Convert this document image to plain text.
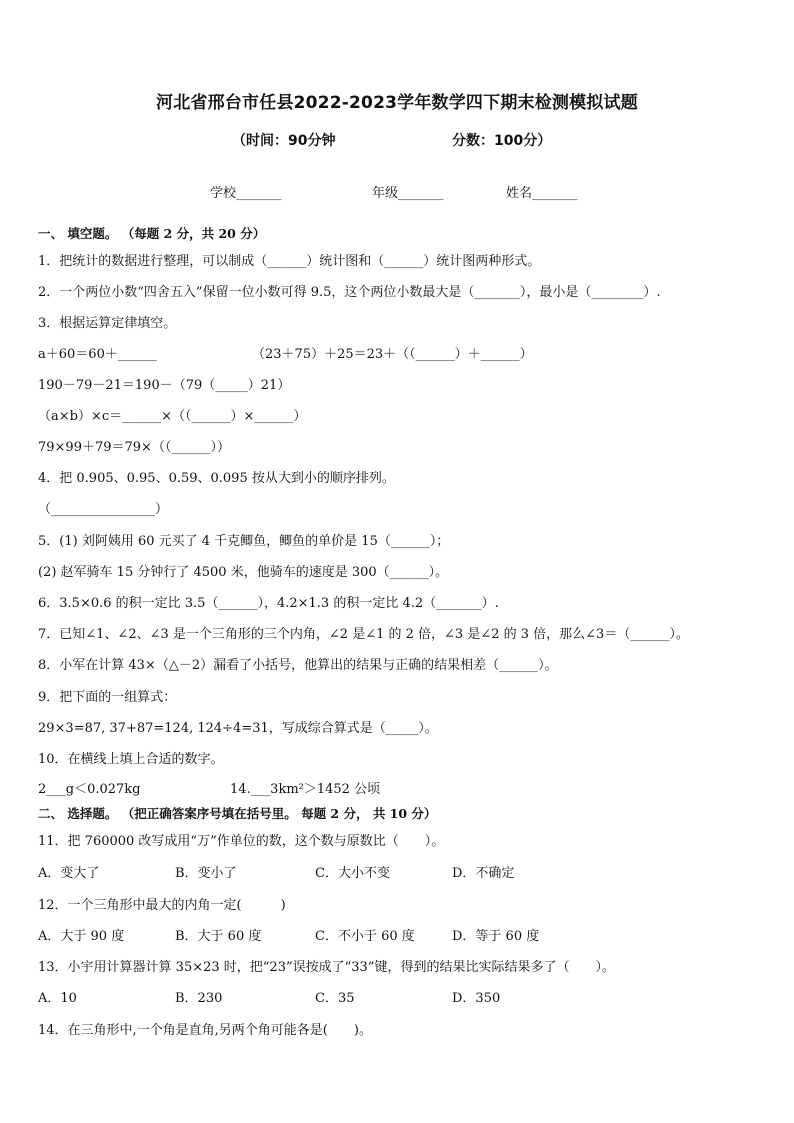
河北省邢台市任县2022-2023学年数学四下期末检测模拟试题
（时间：90分钟	分数：100分）
学校_______	年级_______	姓名_______
一、 填空题。 （每题 2 分，共 20 分）
1．把统计的数据进行整理，可以制成（______）统计图和（______）统计图两种形式。
2．一个两位小数“四舍五入”保留一位小数可得 9.5，这个两位小数最大是（_______），最小是（________）.
3．根据运算定律填空。
a＋60＝60＋______	（23＋75）＋25＝23＋（（______）＋______）
190－79－21＝190－（79（_____）21）
（a×b）×c＝______×（（______）×______）
79×99＋79＝79×（（______））
4．把 0.905、0.95、0.59、0.095 按从大到小的顺序排列。
（________________）
5．(1) 刘阿姨用 60 元买了 4 千克鲫鱼，鲫鱼的单价是 15（______）；
(2) 赵军骑车 15 分钟行了 4500 米，他骑车的速度是 300（______）。
6．3.5×0.6 的积一定比 3.5（______），4.2×1.3 的积一定比 4.2（_______）.
7．已知∠1、∠2、∠3 是一个三角形的三个内角，∠2 是∠1 的 2 倍，∠3 是∠2 的 3 倍，那么∠3＝（______）。
8．小军在计算 43×（△－2）漏看了小括号，他算出的结果与正确的结果相差（______）。
9．把下面的一组算式：
29×3=87, 37+87=124, 124÷4=31，写成综合算式是（_____）。
10．在横线上填上合适的数字。
2___g＜0.027kg	14.___3km²＞1452 公顷
二、 选择题。 （把正确答案序号填在括号里。 每题 2 分， 共 10 分）
11．把 760000 改写成用“万”作单位的数，这个数与原数比（　　）。
A．变大了	B．变小了	C．大小不变	D．不确定
12．一个三角形中最大的内角一定(　　　)
A．大于 90 度	B．大于 60 度	C．不小于 60 度	D．等于 60 度
13．小宇用计算器计算 35×23 时，把“23”误按成了“33”键，得到的结果比实际结果多了（　　）。
A．10	B．230	C．35	D．350
14．在三角形中,一个角是直角,另两个角可能各是(　　)。
